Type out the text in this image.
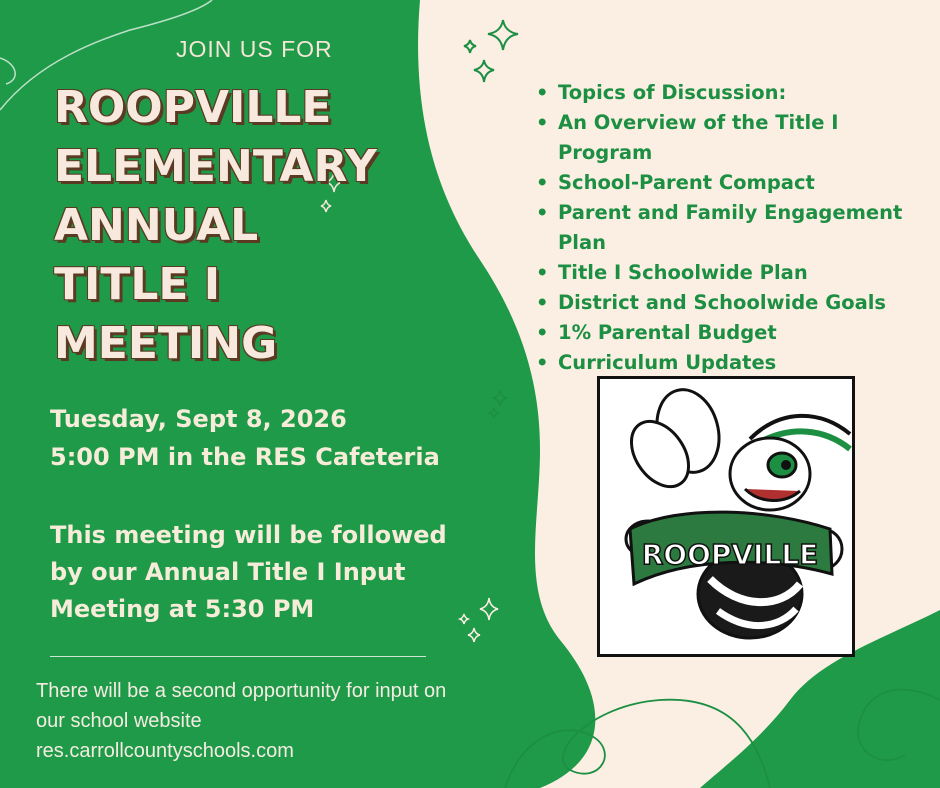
JOIN US FOR
ROOPVILLE
ELEMENTARY
ANNUAL
TITLE I
MEETING
Tuesday, Sept 8, 2026
5:00 PM in the RES Cafeteria
This meeting will be followed
by our Annual Title I Input
Meeting at 5:30 PM
There will be a second opportunity for input on
our school website
res.carrollcountyschools.com
• Topics of Discussion:
• An Overview of the Title I Program
• School-Parent Compact
• Parent and Family Engagement Plan
• Title I Schoolwide Plan
• District and Schoolwide Goals
• 1% Parental Budget
• Curriculum Updates
ROOPVILLE
